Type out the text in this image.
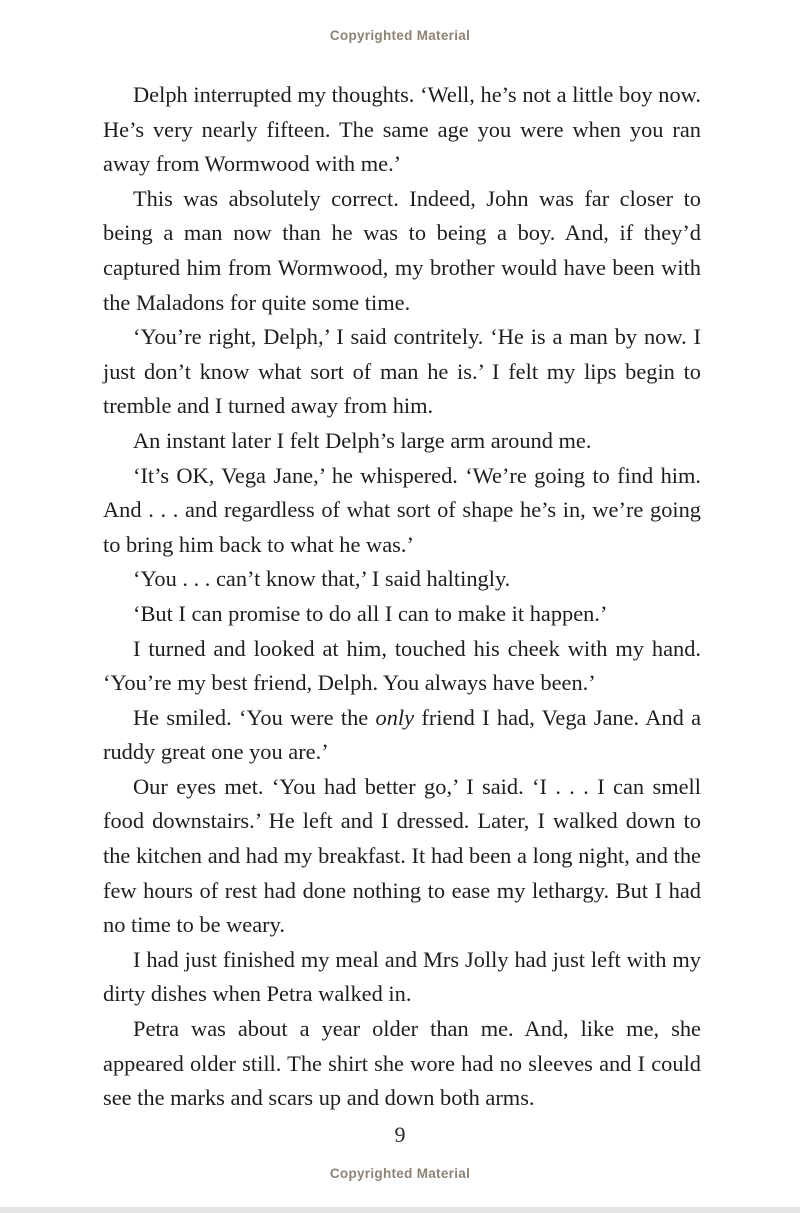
Copyrighted Material

Delph interrupted my thoughts. ‘Well, he’s not a little boy now. He’s very nearly fifteen. The same age you were when you ran away from Wormwood with me.’

This was absolutely correct. Indeed, John was far closer to being a man now than he was to being a boy. And, if they’d captured him from Wormwood, my brother would have been with the Maladons for quite some time.

‘You’re right, Delph,’ I said contritely. ‘He is a man by now. I just don’t know what sort of man he is.’ I felt my lips begin to tremble and I turned away from him.

An instant later I felt Delph’s large arm around me.

‘It’s OK, Vega Jane,’ he whispered. ‘We’re going to find him. And . . . and regardless of what sort of shape he’s in, we’re going to bring him back to what he was.’

‘You . . . can’t know that,’ I said haltingly.

‘But I can promise to do all I can to make it happen.’

I turned and looked at him, touched his cheek with my hand. ‘You’re my best friend, Delph. You always have been.’

He smiled. ‘You were the only friend I had, Vega Jane. And a ruddy great one you are.’

Our eyes met. ‘You had better go,’ I said. ‘I . . . I can smell food downstairs.’ He left and I dressed. Later, I walked down to the kitchen and had my breakfast. It had been a long night, and the few hours of rest had done nothing to ease my lethargy. But I had no time to be weary.

I had just finished my meal and Mrs Jolly had just left with my dirty dishes when Petra walked in.

Petra was about a year older than me. And, like me, she appeared older still. The shirt she wore had no sleeves and I could see the marks and scars up and down both arms.

9
Copyrighted Material
